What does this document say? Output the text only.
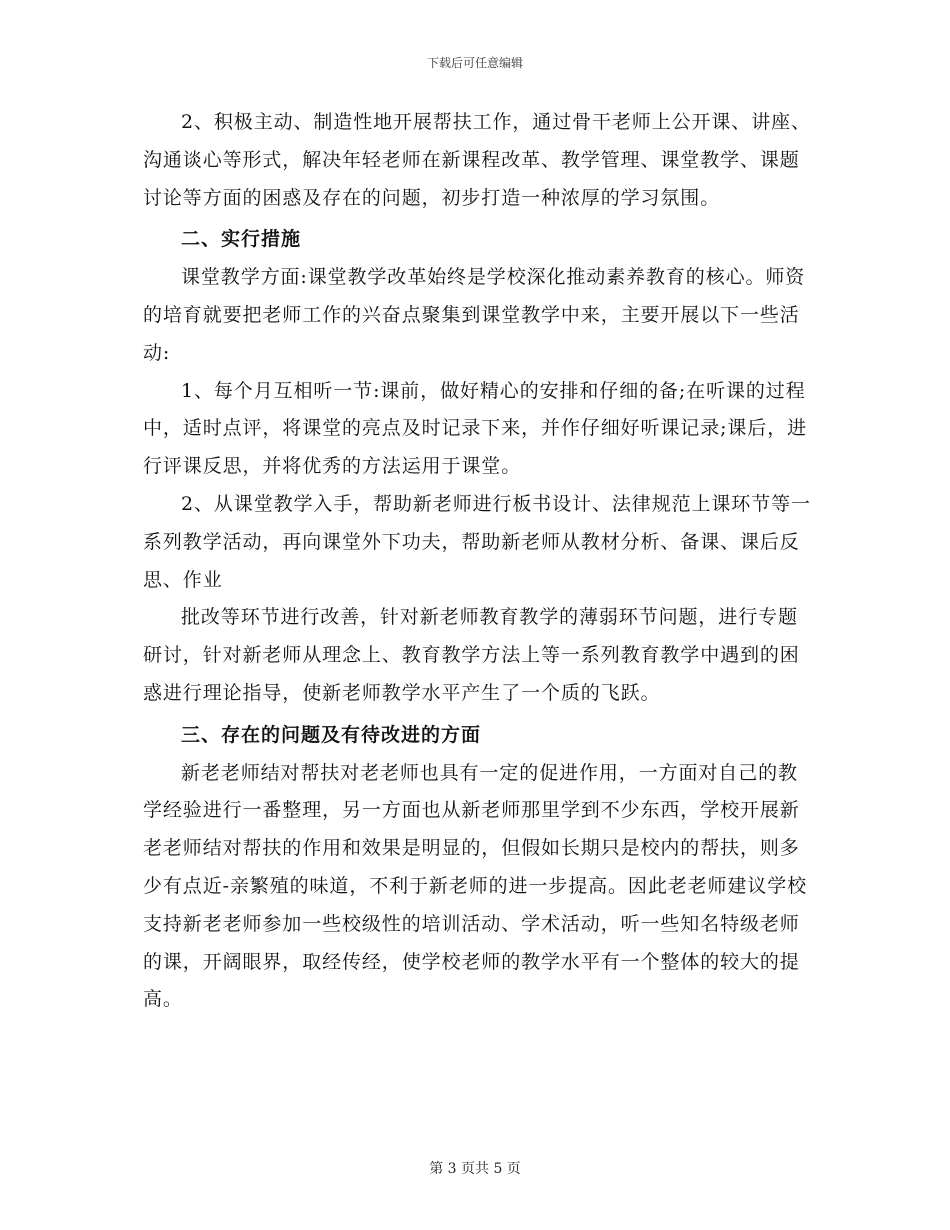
下载后可任意编辑

2、积极主动、制造性地开展帮扶工作，通过骨干老师上公开课、讲座、沟通谈心等形式，解决年轻老师在新课程改革、教学管理、课堂教学、课题讨论等方面的困惑及存在的问题，初步打造一种浓厚的学习氛围。

二、实行措施

课堂教学方面:课堂教学改革始终是学校深化推动素养教育的核心。师资的培育就要把老师工作的兴奋点聚集到课堂教学中来，主要开展以下一些活动:

1、每个月互相听一节:课前，做好精心的安排和仔细的备;在听课的过程中，适时点评，将课堂的亮点及时记录下来，并作仔细好听课记录;课后，进行评课反思，并将优秀的方法运用于课堂。

2、从课堂教学入手，帮助新老师进行板书设计、法律规范上课环节等一系列教学活动，再向课堂外下功夫，帮助新老师从教材分析、备课、课后反思、作业

批改等环节进行改善，针对新老师教育教学的薄弱环节问题，进行专题研讨，针对新老师从理念上、教育教学方法上等一系列教育教学中遇到的困惑进行理论指导，使新老师教学水平产生了一个质的飞跃。

三、存在的问题及有待改进的方面

新老老师结对帮扶对老老师也具有一定的促进作用，一方面对自己的教学经验进行一番整理，另一方面也从新老师那里学到不少东西，学校开展新老老师结对帮扶的作用和效果是明显的，但假如长期只是校内的帮扶，则多少有点近-亲繁殖的味道，不利于新老师的进一步提高。因此老老师建议学校支持新老老师参加一些校级性的培训活动、学术活动，听一些知名特级老师的课，开阔眼界，取经传经，使学校老师的教学水平有一个整体的较大的提高。

第 3 页共 5 页
